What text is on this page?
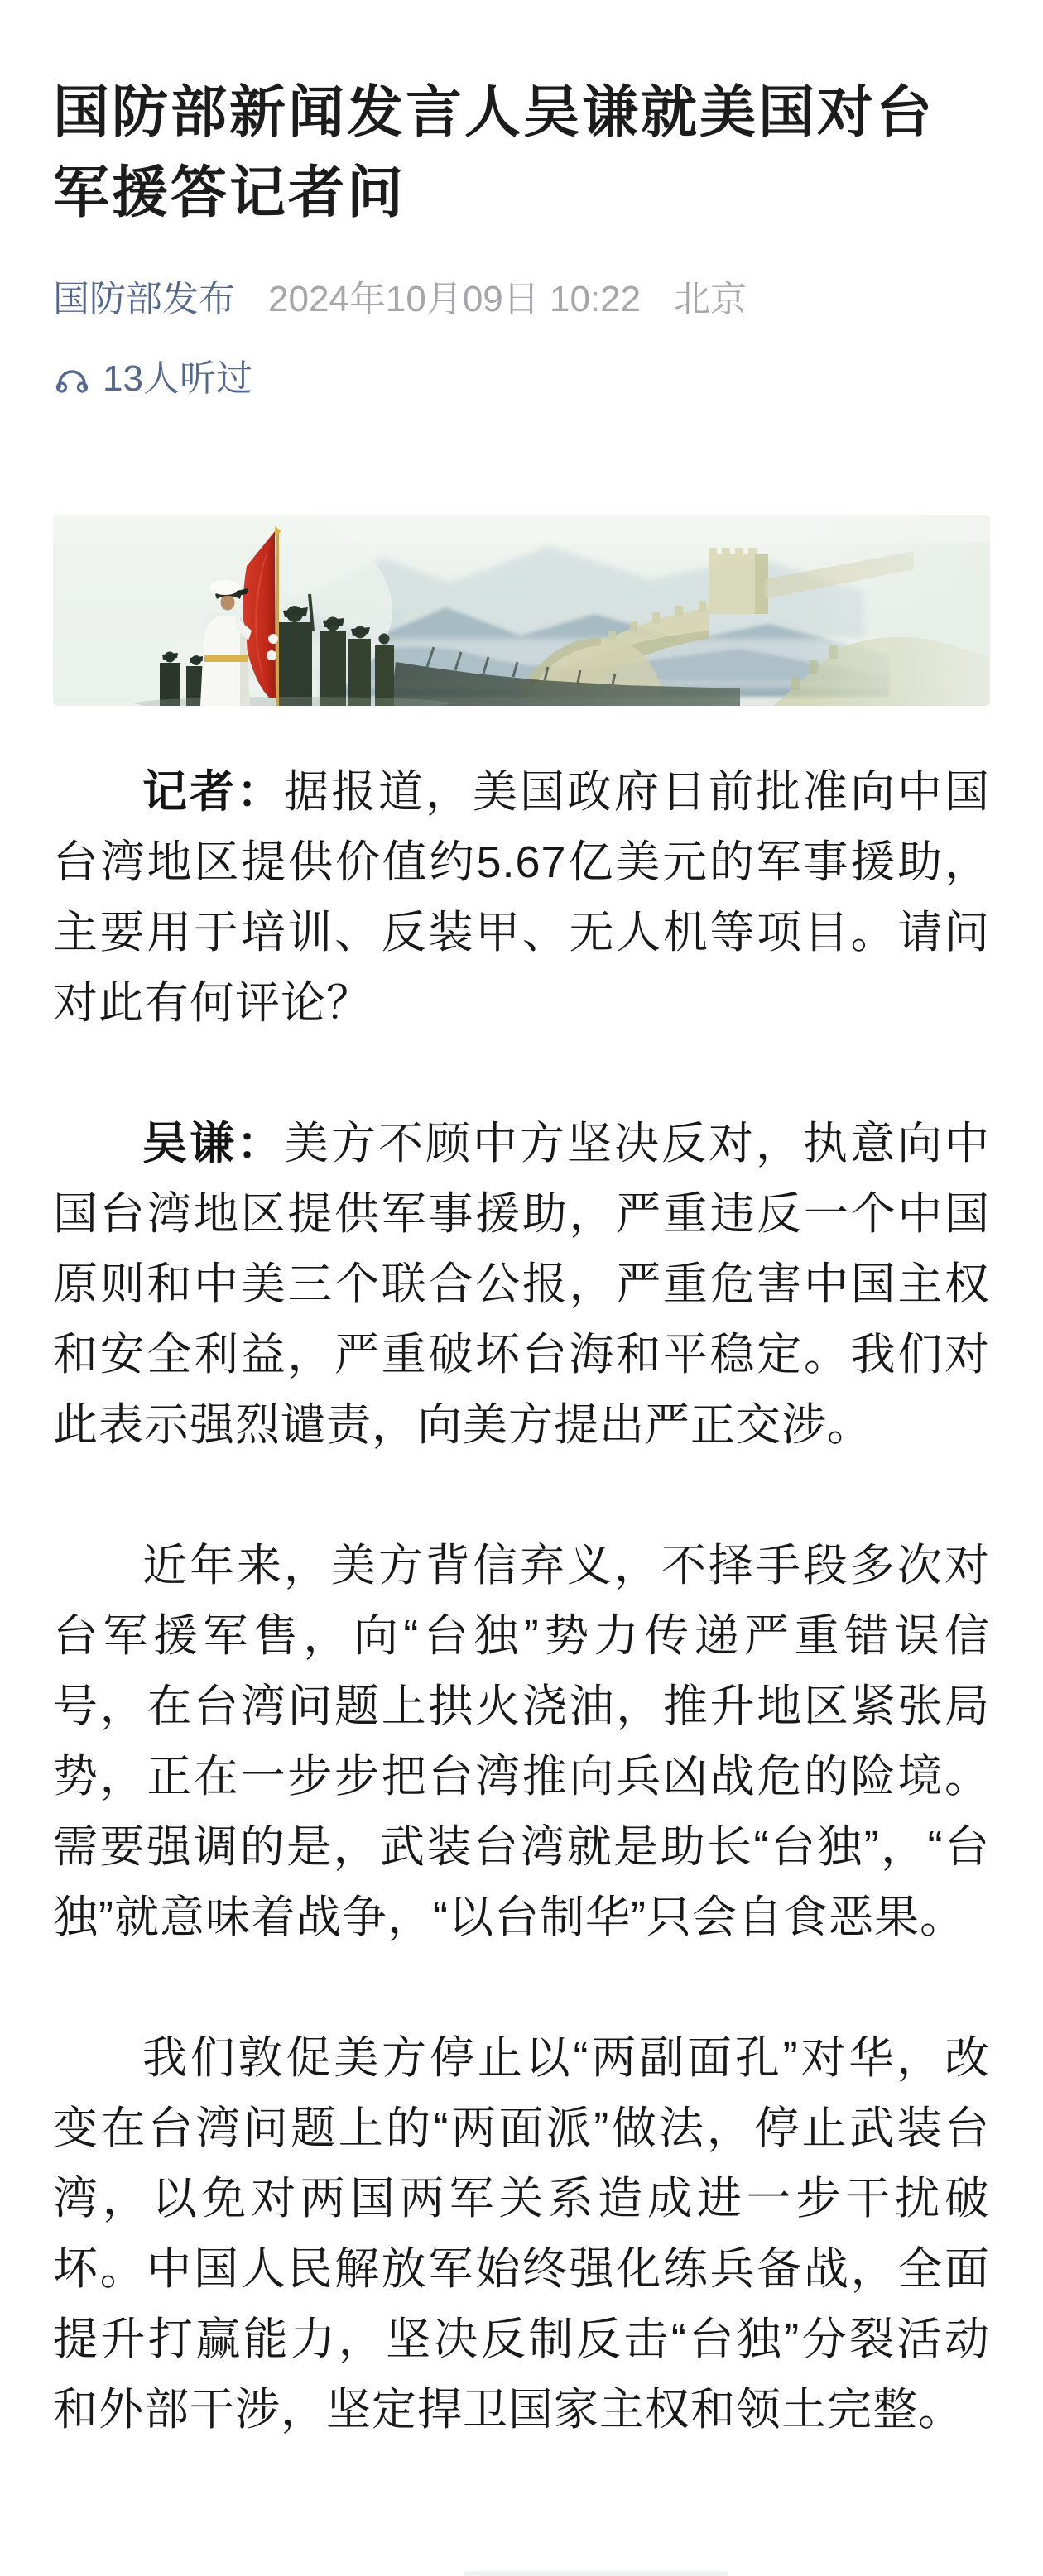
国防部新闻发言人吴谦就美国对台军援答记者问
国防部发布 2024年10月09日 10:22 北京
13人听过

记者：据报道，美国政府日前批准向中国台湾地区提供价值约5.67亿美元的军事援助，主要用于培训、反装甲、无人机等项目。请问对此有何评论？

吴谦：美方不顾中方坚决反对，执意向中国台湾地区提供军事援助，严重违反一个中国原则和中美三个联合公报，严重危害中国主权和安全利益，严重破坏台海和平稳定。我们对此表示强烈谴责，向美方提出严正交涉。

近年来，美方背信弃义，不择手段多次对台军援军售，向“台独”势力传递严重错误信号，在台湾问题上拱火浇油，推升地区紧张局势，正在一步步把台湾推向兵凶战危的险境。需要强调的是，武装台湾就是助长“台独”，“台独”就意味着战争，“以台制华”只会自食恶果。

我们敦促美方停止以“两副面孔”对华，改变在台湾问题上的“两面派”做法，停止武装台湾，以免对两国两军关系造成进一步干扰破坏。中国人民解放军始终强化练兵备战，全面提升打赢能力，坚决反制反击“台独”分裂活动和外部干涉，坚定捍卫国家主权和领土完整。
